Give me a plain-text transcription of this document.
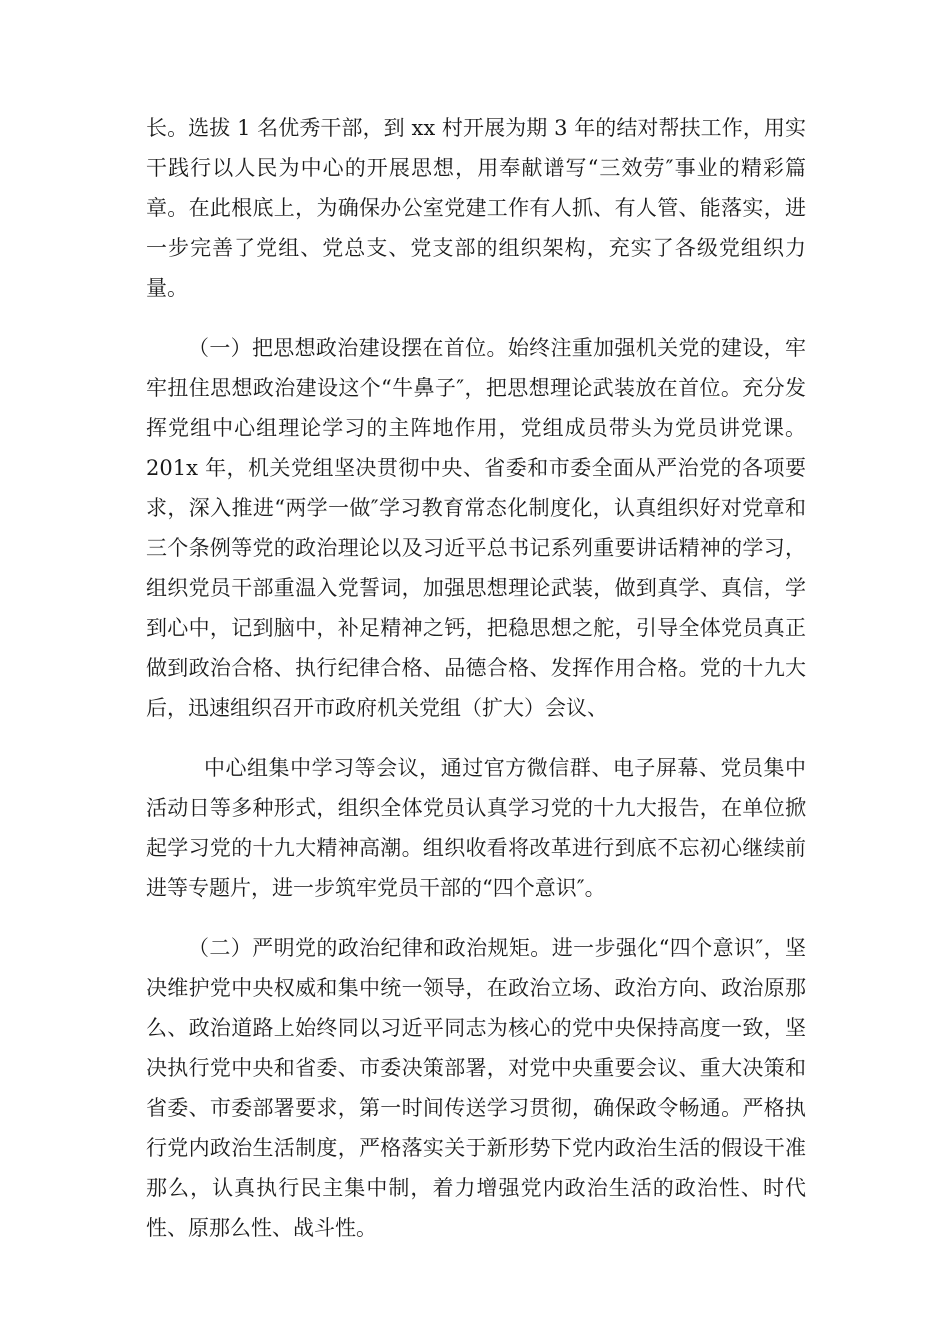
长。选拔 1 名优秀干部，到 xx 村开展为期 3 年的结对帮扶工作，用实干践行以人民为中心的开展思想，用奉献谱写“三效劳″事业的精彩篇章。在此根底上，为确保办公室党建工作有人抓、有人管、能落实，进一步完善了党组、党总支、党支部的组织架构，充实了各级党组织力量。

（一）把思想政治建设摆在首位。始终注重加强机关党的建设，牢牢扭住思想政治建设这个“牛鼻子″，把思想理论武装放在首位。充分发挥党组中心组理论学习的主阵地作用，党组成员带头为党员讲党课。201x 年，机关党组坚决贯彻中央、省委和市委全面从严治党的各项要求，深入推进“两学一做″学习教育常态化制度化，认真组织好对党章和三个条例等党的政治理论以及习近平总书记系列重要讲话精神的学习，组织党员干部重温入党誓词，加强思想理论武装，做到真学、真信，学到心中，记到脑中，补足精神之钙，把稳思想之舵，引导全体党员真正做到政治合格、执行纪律合格、品德合格、发挥作用合格。党的十九大后，迅速组织召开市政府机关党组（扩大）会议、

中心组集中学习等会议，通过官方微信群、电子屏幕、党员集中活动日等多种形式，组织全体党员认真学习党的十九大报告，在单位掀起学习党的十九大精神高潮。组织收看将改革进行到底不忘初心继续前进等专题片，进一步筑牢党员干部的“四个意识″。

（二）严明党的政治纪律和政治规矩。进一步强化“四个意识″，坚决维护党中央权威和集中统一领导，在政治立场、政治方向、政治原那么、政治道路上始终同以习近平同志为核心的党中央保持高度一致，坚决执行党中央和省委、市委决策部署，对党中央重要会议、重大决策和省委、市委部署要求，第一时间传送学习贯彻，确保政令畅通。严格执行党内政治生活制度，严格落实关于新形势下党内政治生活的假设干准那么，认真执行民主集中制，着力增强党内政治生活的政治性、时代性、原那么性、战斗性。
